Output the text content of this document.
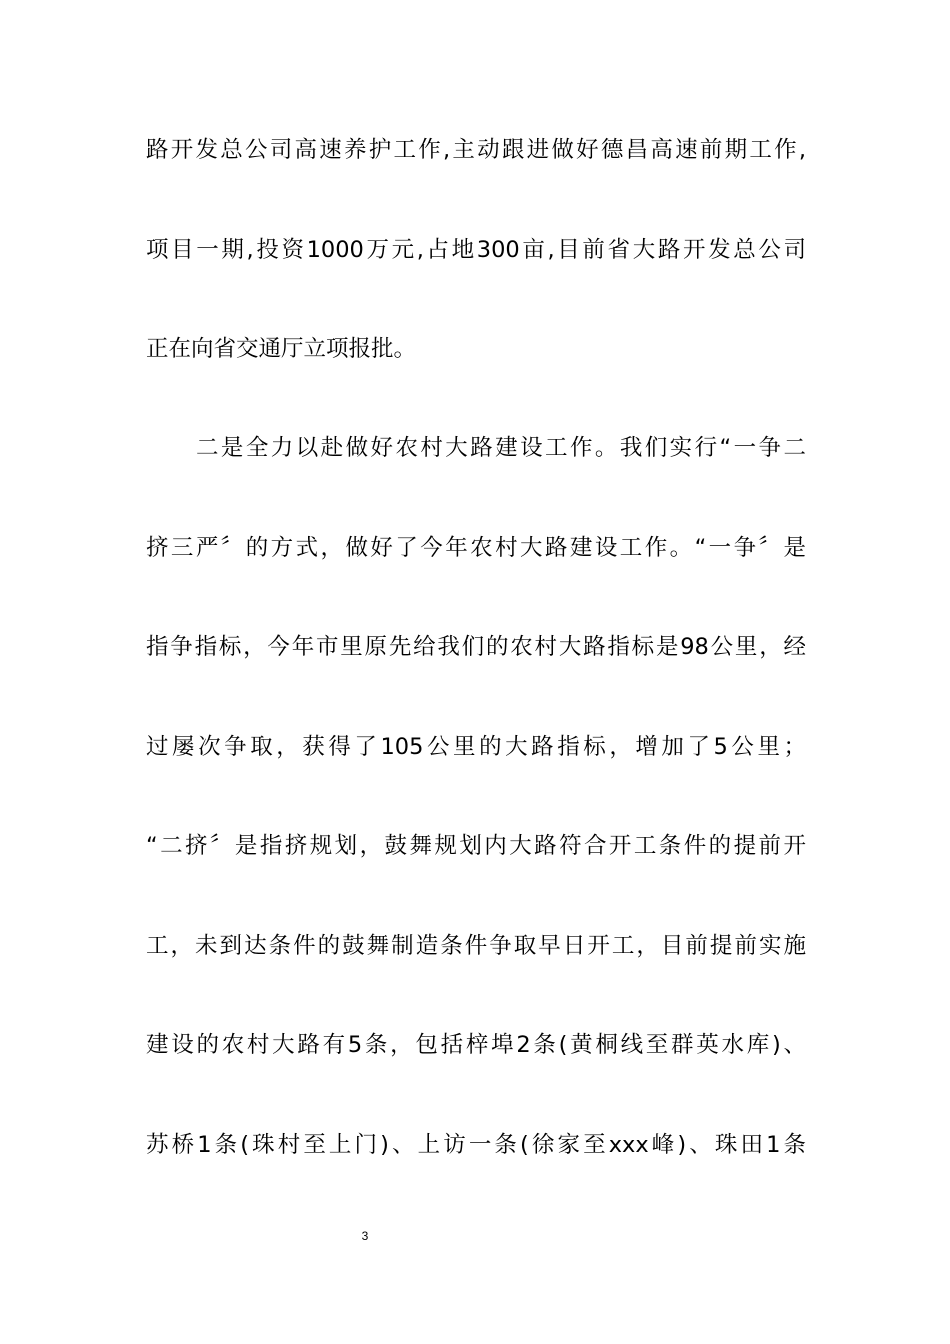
路开发总公司高速养护工作,主动跟进做好德昌高速前期工作,
项目一期,投资1000万元,占地300亩,目前省大路开发总公司
正在向省交通厅立项报批。
二是全力以赴做好农村大路建设工作。我们实行“一争二
挤三严〞的方式，做好了今年农村大路建设工作。“一争〞是
指争指标，今年市里原先给我们的农村大路指标是98公里，经
过屡次争取，获得了105公里的大路指标，增加了5公里；
“二挤〞是指挤规划，鼓舞规划内大路符合开工条件的提前开
工，未到达条件的鼓舞制造条件争取早日开工，目前提前实施
建设的农村大路有5条，包括梓埠2条(黄桐线至群英水库)、
苏桥1条(珠村至上门)、上访一条(徐家至xxx峰)、珠田1条
3
